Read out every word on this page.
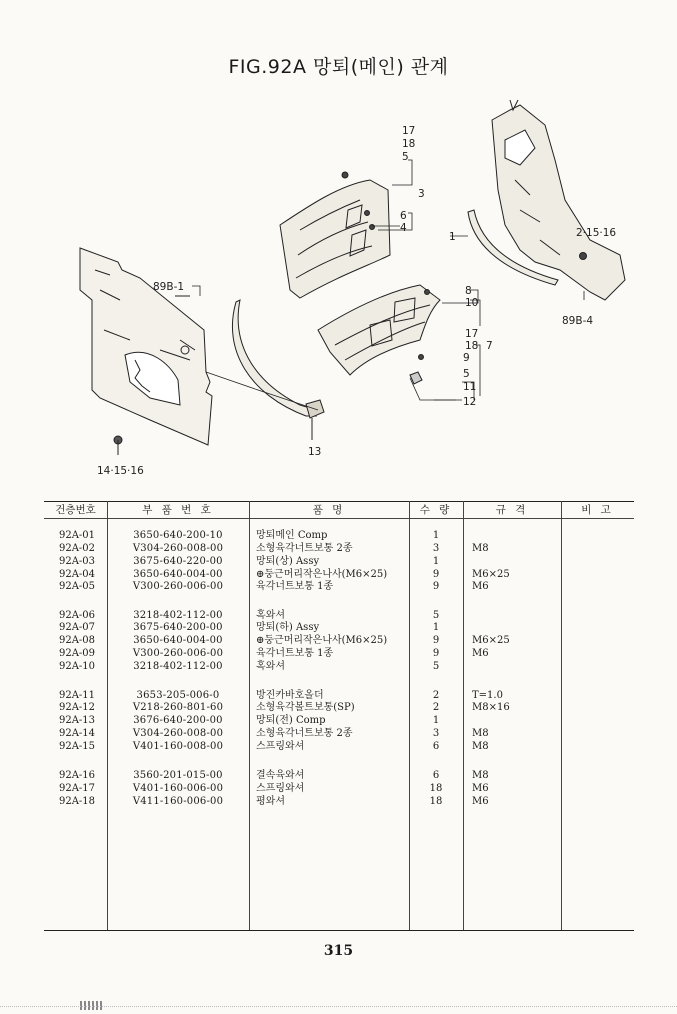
FIG.92A 망퇴(메인) 관계
17
18
5
3
6
4
1	2·15·16
89B-1
89B-4
8
10
17
18 7
9
5
11
12
13
14·15·16
건층번호	부 품 번 호	품 명	수 량	규 격	비 고
92A-01	3650-640-200-10	망퇴메인 Comp	1
92A-02	V304-260-008-00	소형육각너트보통 2종	3	M8
92A-03	3675-640-220-00	망퇴(상) Assy	1
92A-04	3650-640-004-00	⊕둥근머리작은나사(M6×25)	9	M6×25
92A-05	V300-260-006-00	육각너트보통 1종	9	M6
92A-06	3218-402-112-00	혹와셔	5
92A-07	3675-640-200-00	망퇴(하) Assy	1
92A-08	3650-640-004-00	⊕둥근머리작은나사(M6×25)	9	M6×25
92A-09	V300-260-006-00	육각너트보통 1종	9	M6
92A-10	3218-402-112-00	혹와셔	5
92A-11	3653-205-006-0	방진카바호올더	2	T=1.0
92A-12	V218-260-801-60	소형육각볼트보통(SP)	2	M8×16
92A-13	3676-640-200-00	망퇴(전) Comp	1
92A-14	V304-260-008-00	소형육각너트보통 2종	3	M8
92A-15	V401-160-008-00	스프링와셔	6	M8
92A-16	3560-201-015-00	결속육와셔	6	M8
92A-17	V401-160-006-00	스프링와셔	18	M6
92A-18	V411-160-006-00	평와셔	18	M6
315
